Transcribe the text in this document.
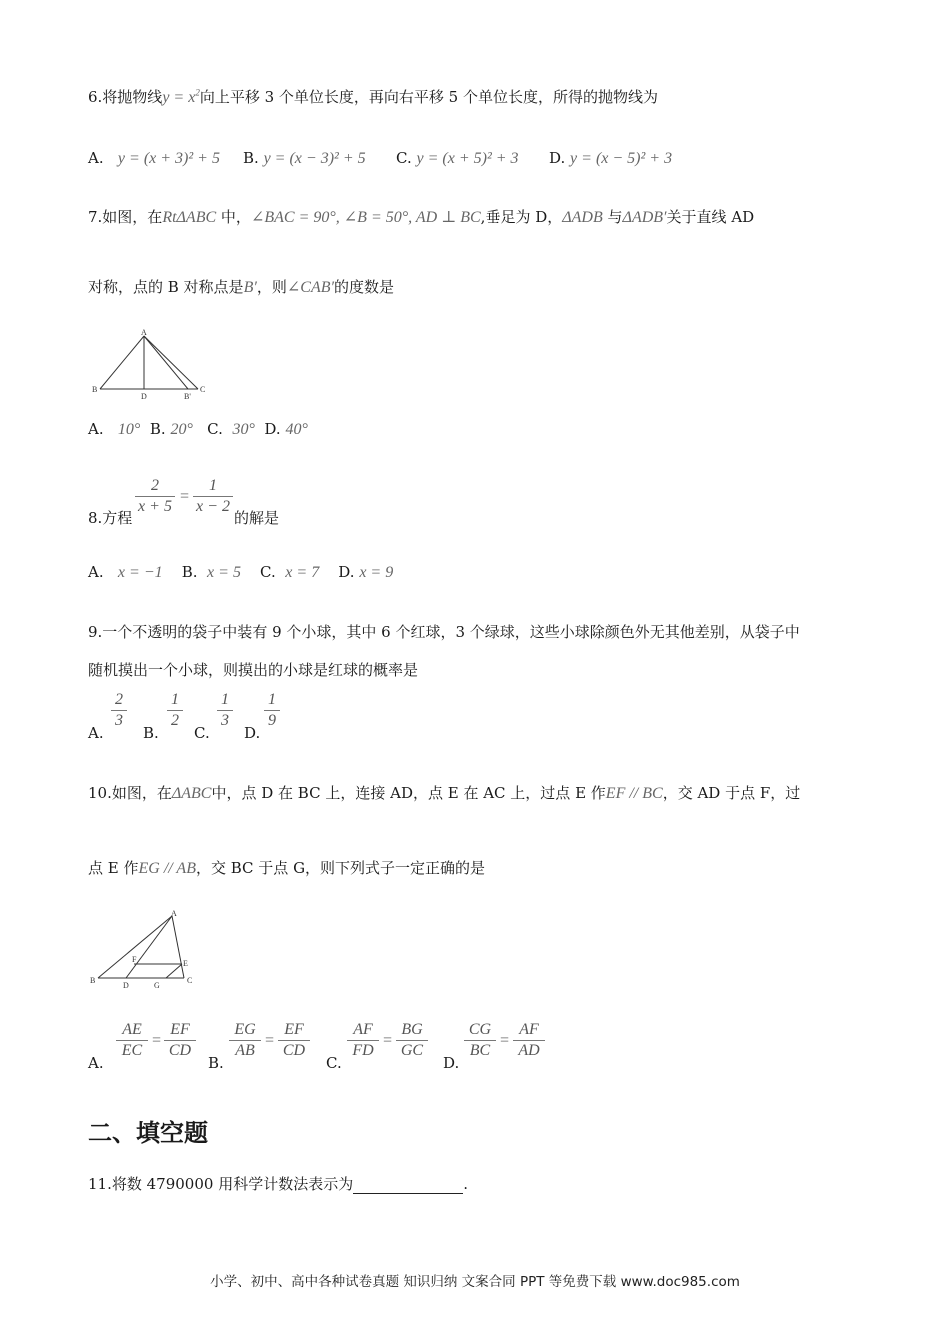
6.将抛物线$y = x^2$向上平移 3 个单位长度，再向右平移 5 个单位长度，所得的抛物线为
A. y = (x + 3)² + 5 B. y = (x − 3)² + 5 C. y = (x + 5)² + 3 D. y = (x − 5)² + 3
7.如图，在RtΔABC 中，∠BAC = 90°, ∠B = 50°, AD ⊥ BC,垂足为 D，ΔADB 与ΔADB′关于直线 AD
对称，点的 B 对称点是B′，则∠CAB′的度数是
A
B
D	B'
C
A. 10° B. 20° C. 30° D. 40°
8.方程
$\frac{2}{x + 5} = \frac{1}{x - 2}$
的解是
A. x = −1 B. x = 5 C. x = 7 D. x = 9
9.一个不透明的袋子中装有 9 个小球，其中 6 个红球，3 个绿球，这些小球除颜色外无其他差别，从袋子中
随机摸出一个小球，则摸出的小球是红球的概率是
A.
$\frac{2}{3}$
B.
$\frac{1}{2}$
C.
$\frac{1}{3}$
D.
$\frac{1}{9}$
10.如图，在ΔABC中，点 D 在 BC 上，连接 AD，点 E 在 AC 上，过点 E 作EF // BC，交 AD 于点 F，过
点 E 作EG // AB，交 BC 于点 G，则下列式子一定正确的是
A
B	C
D
E
F
G
A.
$\frac{AE}{EC} = \frac{EF}{CD}$
B.
$\frac{EG}{AB} = \frac{EF}{CD}$
C.
$\frac{AF}{FD} = \frac{BG}{GC}$
D.
$\frac{CG}{BC} = \frac{AF}{AD}$
二、填空题
11.将数 4790000 用科学计数法表示为	.
小学、初中、高中各种试卷真题 知识归纳 文案合同 PPT 等免费下载 www.doc985.com
